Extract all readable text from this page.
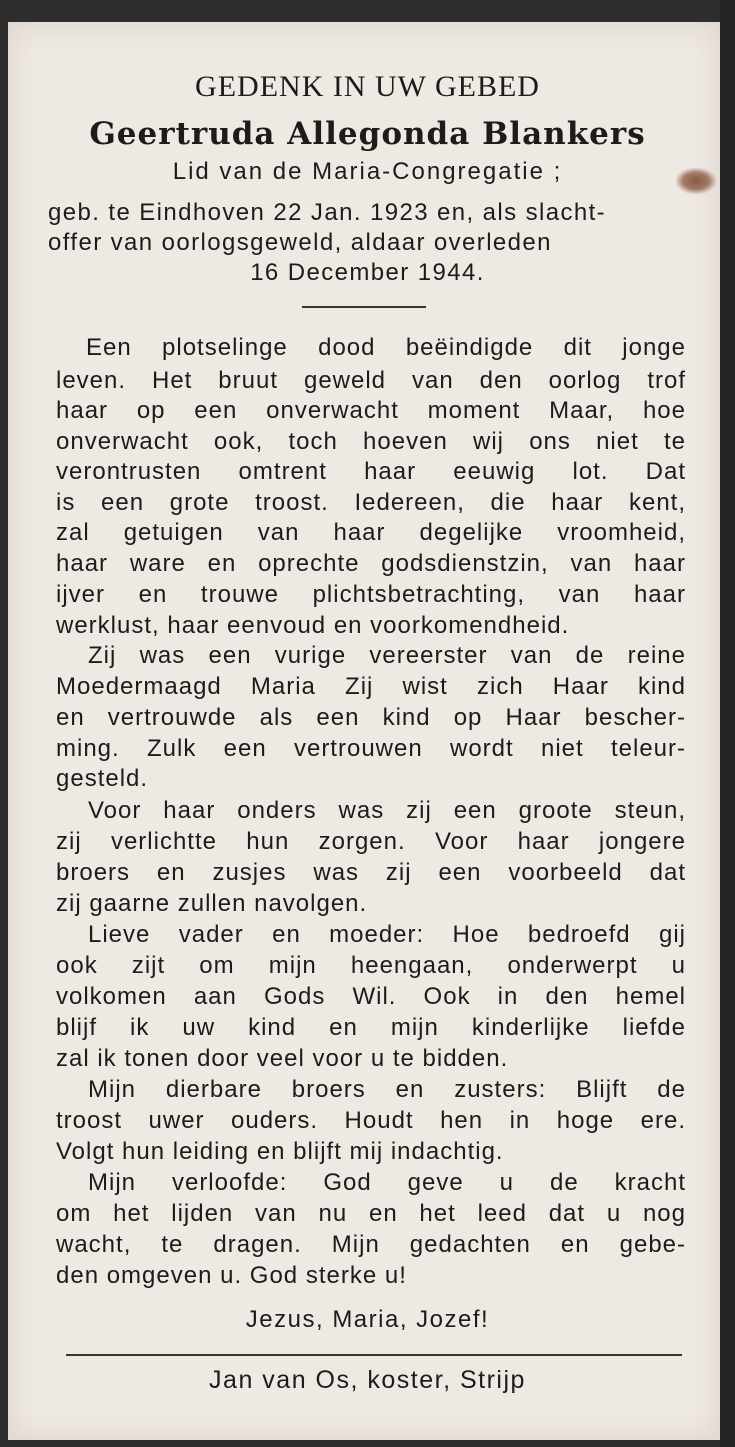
GEDENK IN UW GEBED
Geertruda Allegonda Blankers
Lid van de Maria-Congregatie ;
geb. te Eindhoven 22 Jan. 1923 en, als slacht-
offer van oorlogsgeweld, aldaar overleden
16 December 1944.
Een plotselinge dood beëindigde dit jonge
leven. Het bruut geweld van den oorlog trof
haar op een onverwacht moment Maar, hoe
onverwacht ook, toch hoeven wij ons niet te
verontrusten omtrent haar eeuwig lot. Dat
is een grote troost. Iedereen, die haar kent,
zal getuigen van haar degelijke vroomheid,
haar ware en oprechte godsdienstzin, van haar
ijver en trouwe plichtsbetrachting, van haar
werklust, haar eenvoud en voorkomendheid.
Zij was een vurige vereerster van de reine
Moedermaagd Maria Zij wist zich Haar kind
en vertrouwde als een kind op Haar bescher-
ming. Zulk een vertrouwen wordt niet teleur-
gesteld.
Voor haar onders was zij een groote steun,
zij verlichtte hun zorgen. Voor haar jongere
broers en zusjes was zij een voorbeeld dat
zij gaarne zullen navolgen.
Lieve vader en moeder: Hoe bedroefd gij
ook zijt om mijn heengaan, onderwerpt u
volkomen aan Gods Wil. Ook in den hemel
blijf ik uw kind en mijn kinderlijke liefde
zal ik tonen door veel voor u te bidden.
Mijn dierbare broers en zusters: Blijft de
troost uwer ouders. Houdt hen in hoge ere.
Volgt hun leiding en blijft mij indachtig.
Mijn verloofde: God geve u de kracht
om het lijden van nu en het leed dat u nog
wacht, te dragen. Mijn gedachten en gebe-
den omgeven u. God sterke u!
Jezus, Maria, Jozef!
Jan van Os, koster, Strijp
